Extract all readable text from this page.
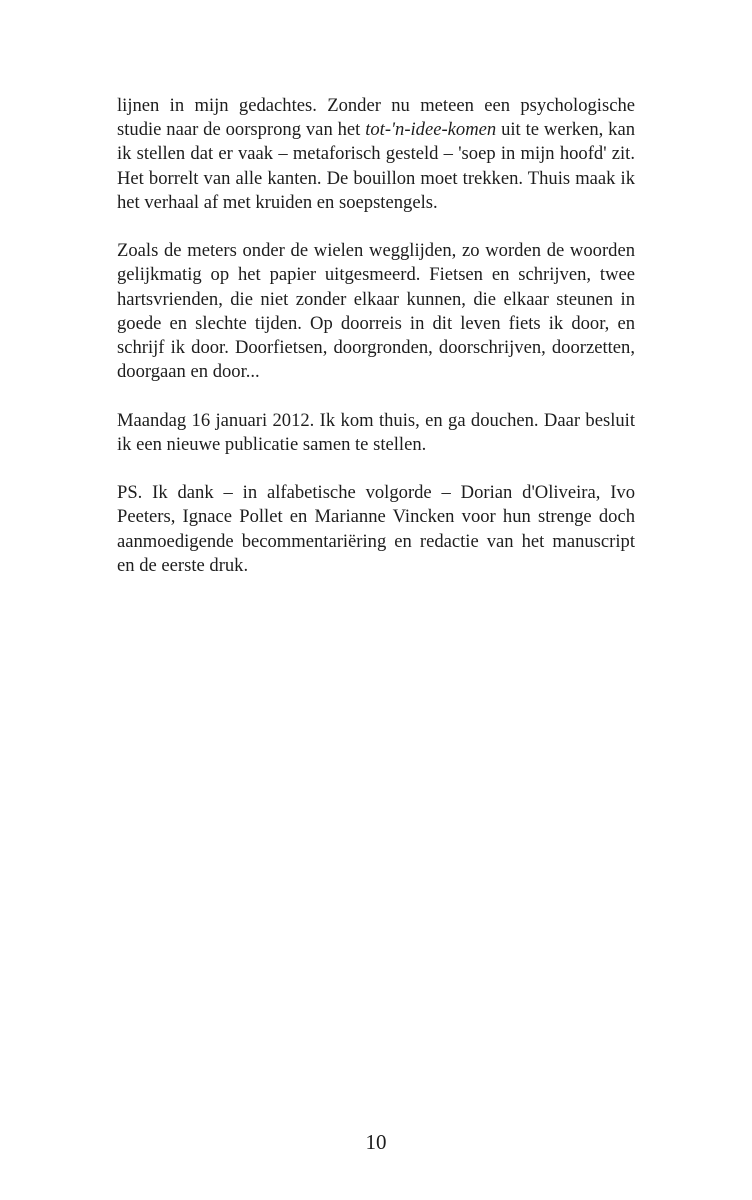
lijnen in mijn gedachtes. Zonder nu meteen een psychologische studie naar de oorsprong van het tot-'n-idee-komen uit te werken, kan ik stellen dat er vaak – metaforisch gesteld – 'soep in mijn hoofd' zit. Het borrelt van alle kanten. De bouillon moet trekken. Thuis maak ik het verhaal af met kruiden en soepstengels.

Zoals de meters onder de wielen wegglijden, zo worden de woorden gelijkmatig op het papier uitgesmeerd. Fietsen en schrijven, twee hartsvrienden, die niet zonder elkaar kunnen, die elkaar steunen in goede en slechte tijden. Op doorreis in dit leven fiets ik door, en schrijf ik door. Doorfietsen, doorgronden, doorschrijven, doorzetten, doorgaan en door...

Maandag 16 januari 2012. Ik kom thuis, en ga douchen. Daar besluit ik een nieuwe publicatie samen te stellen.

PS. Ik dank – in alfabetische volgorde – Dorian d'Oliveira, Ivo Peeters, Ignace Pollet en Marianne Vincken voor hun strenge doch aanmoedigende becommentariëring en redactie van het manuscript en de eerste druk.

10
